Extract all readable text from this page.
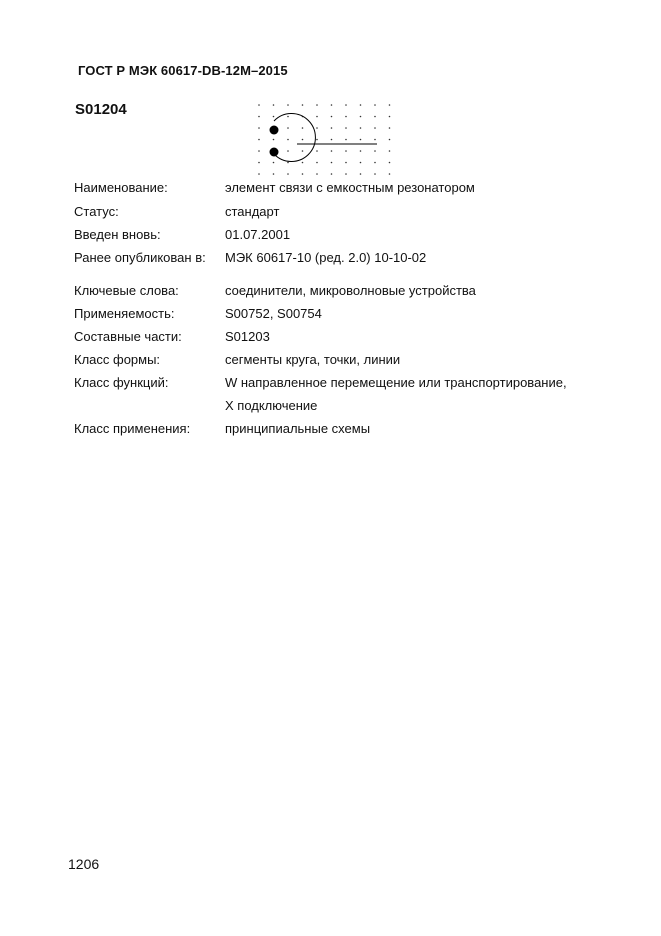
ГОСТ Р МЭК 60617-DB-12M–2015
S01204
Наименование:	элемент связи с емкостным резонатором
Статус:	стандарт
Введен вновь:	01.07.2001
Ранее опубликован в: МЭК 60617-10 (ред. 2.0) 10-10-02
Ключевые слова:	соединители, микроволновые устройства
Применяемость:	S00752, S00754
Составные части:	S01203
Класс формы:	сегменты круга, точки, линии
Класс функций:	W направленное перемещение или транспортирование,
X подключение
Класс применения:	принципиальные схемы
1206
